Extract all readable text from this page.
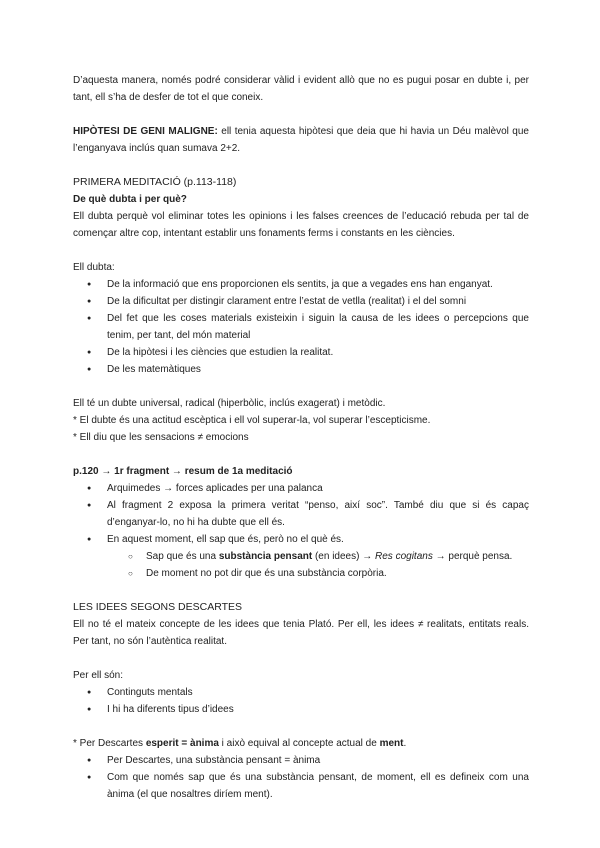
D’aquesta manera, només podré considerar vàlid i evident allò que no es pugui posar en dubte i, per tant, ell s’ha de desfer de tot el que coneix.

HIPÒTESI DE GENI MALIGNE: ell tenia aquesta hipòtesi que deia que hi havia un Déu malèvol que l’enganyava inclús quan sumava 2+2.

PRIMERA MEDITACIÓ (p.113-118)

De què dubta i per què?

Ell dubta perquè vol eliminar totes les opinions i les falses creences de l’educació rebuda per tal de començar altre cop, intentant establir uns fonaments ferms i constants en les ciències.

Ell dubta:

● De la informació que ens proporcionen els sentits, ja que a vegades ens han enganyat.
● De la dificultat per distingir clarament entre l’estat de vetlla (realitat) i el del somni
● Del fet que les coses materials existeixin i siguin la causa de les idees o percepcions que tenim, per tant, del món material
● De la hipòtesi i les ciències que estudien la realitat.
● De les matemàtiques

Ell té un dubte universal, radical (hiperbòlic, inclús exagerat) i metòdic.

* El dubte és una actitud escèptica i ell vol superar-la, vol superar l’escepticisme.

* Ell diu que les sensacions ≠ emocions

p.120 → 1r fragment → resum de 1a meditació

● Arquimedes → forces aplicades per una palanca
● Al fragment 2 exposa la primera veritat “penso, així soc”. També diu que si és capaç d’enganyar-lo, no hi ha dubte que ell és.
● En aquest moment, ell sap que és, però no el què és.
○ Sap que és una substància pensant (en idees) → Res cogitans → perquè pensa.
○ De moment no pot dir que és una substància corpòria.

LES IDEES SEGONS DESCARTES

Ell no té el mateix concepte de les idees que tenia Plató. Per ell, les idees ≠ realitats, entitats reals. Per tant, no són l’autèntica realitat.

Per ell són:

● Continguts mentals
● I hi ha diferents tipus d’idees

* Per Descartes esperit = ànima i això equival al concepte actual de ment.

● Per Descartes, una substància pensant = ànima
● Com que només sap que és una substància pensant, de moment, ell es defineix com una ànima (el que nosaltres diríem ment).
